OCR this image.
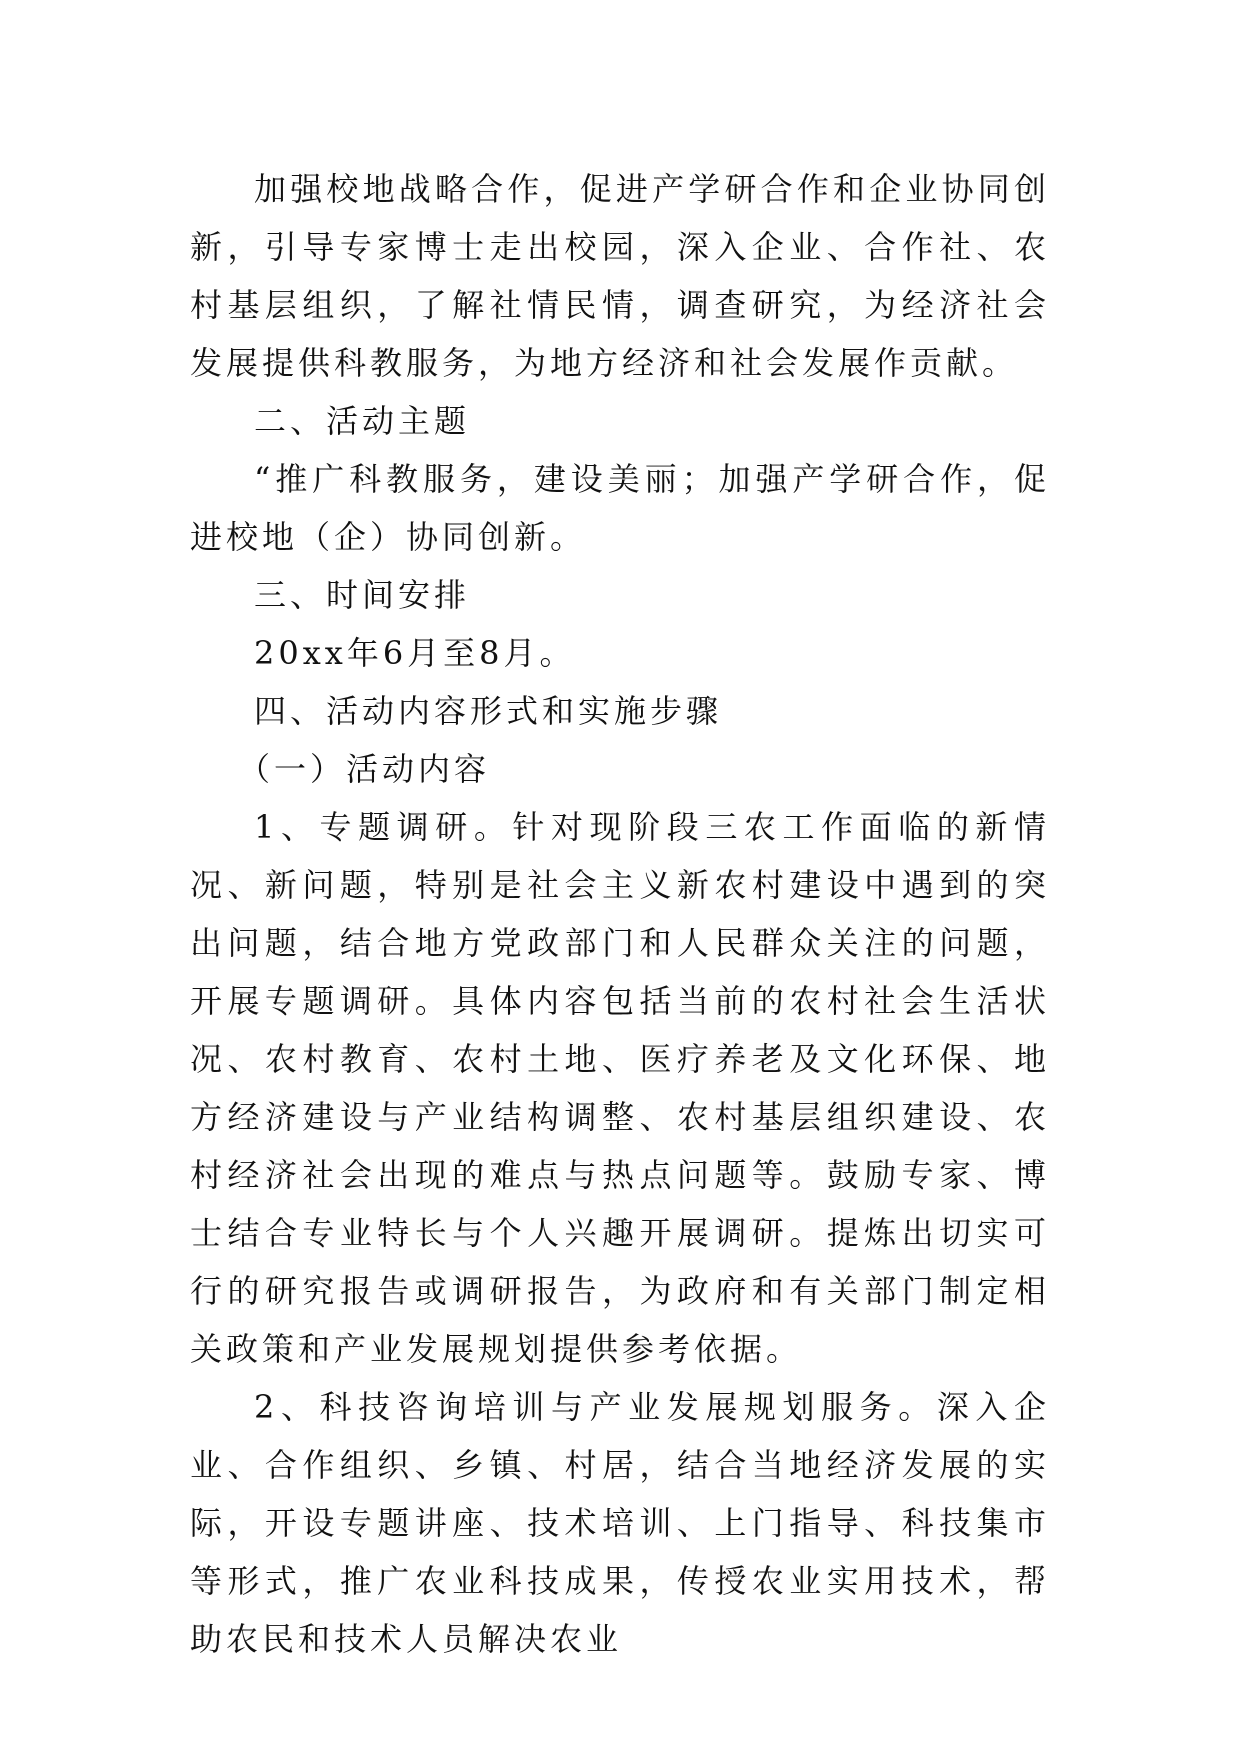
加强校地战略合作，促进产学研合作和企业协同创新，引导专家博士走出校园，深入企业、合作社、农村基层组织，了解社情民情，调查研究，为经济社会发展提供科教服务，为地方经济和社会发展作贡献。

二、活动主题

“推广科教服务，建设美丽；加强产学研合作，促进校地（企）协同创新。

三、时间安排

20xx年6月至8月。

四、活动内容形式和实施步骤

（一）活动内容

1、专题调研。针对现阶段三农工作面临的新情况、新问题，特别是社会主义新农村建设中遇到的突出问题，结合地方党政部门和人民群众关注的问题，开展专题调研。具体内容包括当前的农村社会生活状况、农村教育、农村土地、医疗养老及文化环保、地方经济建设与产业结构调整、农村基层组织建设、农村经济社会出现的难点与热点问题等。鼓励专家、博士结合专业特长与个人兴趣开展调研。提炼出切实可行的研究报告或调研报告，为政府和有关部门制定相关政策和产业发展规划提供参考依据。

2、科技咨询培训与产业发展规划服务。深入企业、合作组织、乡镇、村居，结合当地经济发展的实际，开设专题讲座、技术培训、上门指导、科技集市等形式，推广农业科技成果，传授农业实用技术，帮助农民和技术人员解决农业
